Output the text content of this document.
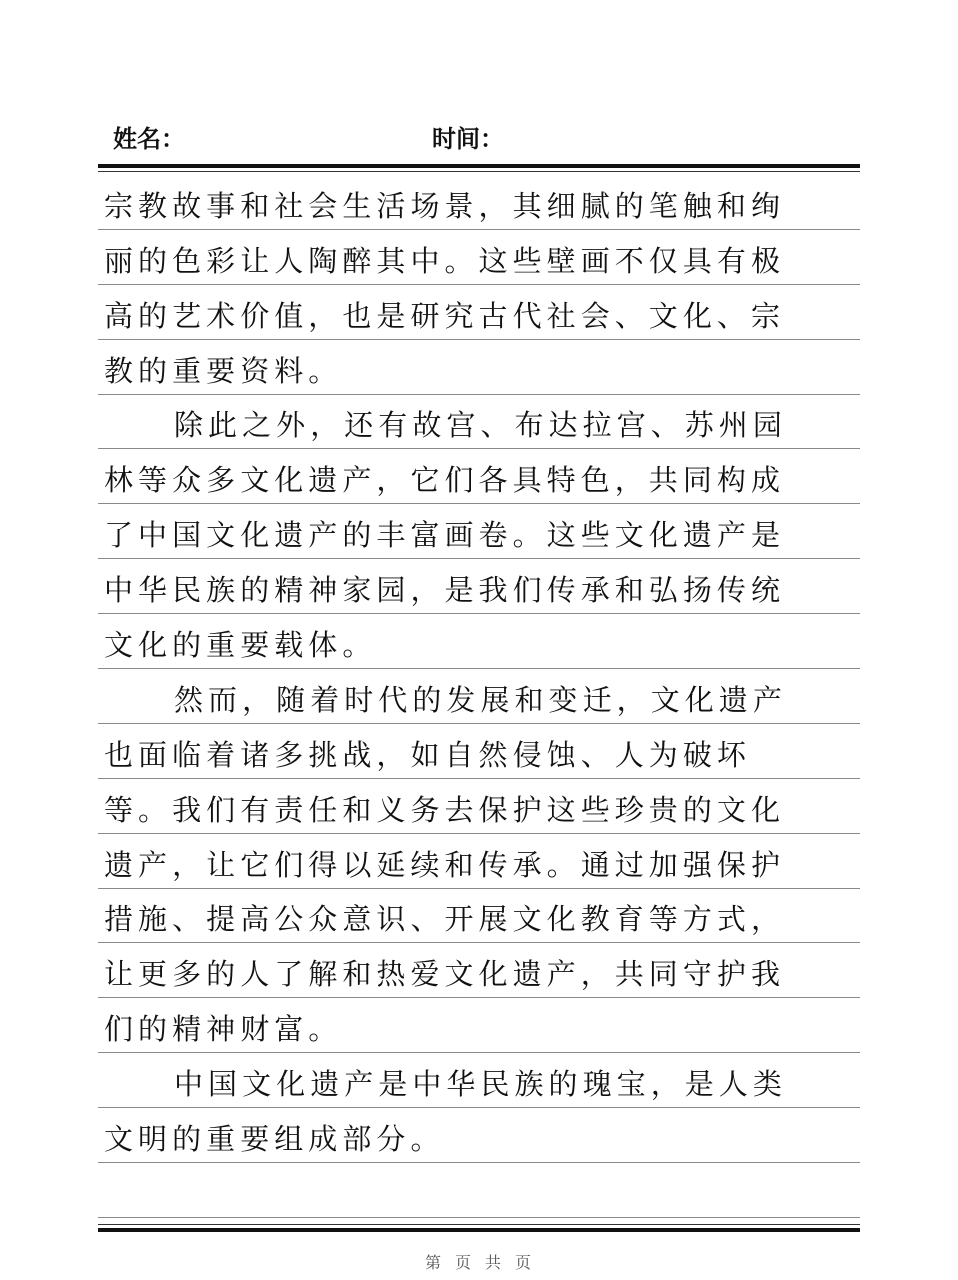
姓名：	时间：
宗教故事和社会生活场景，其细腻的笔触和绚
丽的色彩让人陶醉其中。这些壁画不仅具有极
高的艺术价值，也是研究古代社会、文化、宗
教的重要资料。
除此之外，还有故宫、布达拉宫、苏州园
林等众多文化遗产，它们各具特色，共同构成
了中国文化遗产的丰富画卷。这些文化遗产是
中华民族的精神家园，是我们传承和弘扬传统
文化的重要载体。
然而，随着时代的发展和变迁，文化遗产
也面临着诸多挑战，如自然侵蚀、人为破坏
等。我们有责任和义务去保护这些珍贵的文化
遗产，让它们得以延续和传承。通过加强保护
措施、提高公众意识、开展文化教育等方式，
让更多的人了解和热爱文化遗产，共同守护我
们的精神财富。
中国文化遗产是中华民族的瑰宝，是人类
文明的重要组成部分。
第 页 共 页
